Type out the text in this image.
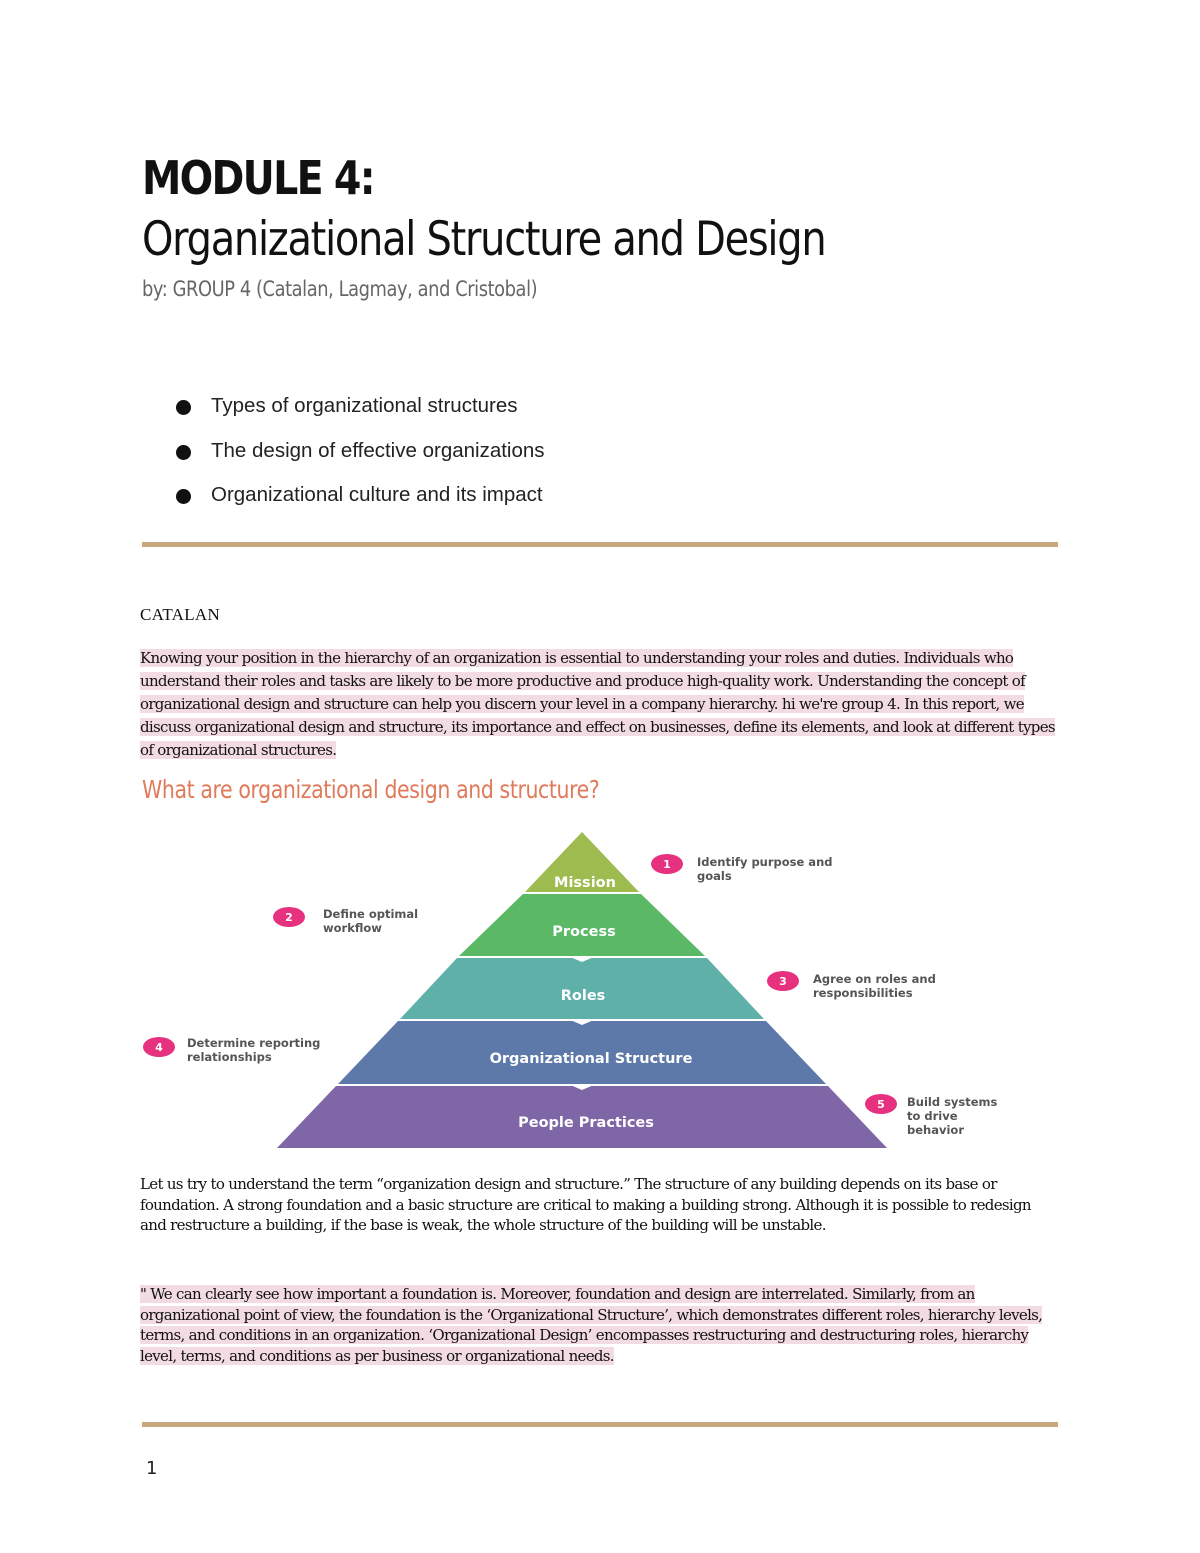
MODULE 4:
Organizational Structure and Design
by: GROUP 4 (Catalan, Lagmay, and Cristobal)
Types of organizational structures
The design of effective organizations
Organizational culture and its impact
CATALAN

Knowing your position in the hierarchy of an organization is essential to understanding your roles and duties. Individuals who understand their roles and tasks are likely to be more productive and produce high-quality work. Understanding the concept of organizational design and structure can help you discern your level in a company hierarchy. hi we're group 4. In this report, we discuss organizational design and structure, its importance and effect on businesses, define its elements, and look at different types of organizational structures.

What are organizational design and structure?
Mission
Process
Roles
Organizational Structure
People Practices
1 Identify purpose and
goals
2	Define optimal
workflow
3 Agree on roles and
responsibilities
4 Determine reporting
relationships
5 Build systems
to drive
behavior

Let us try to understand the term “organization design and structure.” The structure of any building depends on its base or foundation. A strong foundation and a basic structure are critical to making a building strong. Although it is possible to redesign and restructure a building, if the base is weak, the whole structure of the building will be unstable.

" We can clearly see how important a foundation is. Moreover, foundation and design are interrelated. Similarly, from an organizational point of view, the foundation is the ‘Organizational Structure’, which demonstrates different roles, hierarchy levels, terms, and conditions in an organization. ‘Organizational Design’ encompasses restructuring and destructuring roles, hierarchy level, terms, and conditions as per business or organizational needs.

1
